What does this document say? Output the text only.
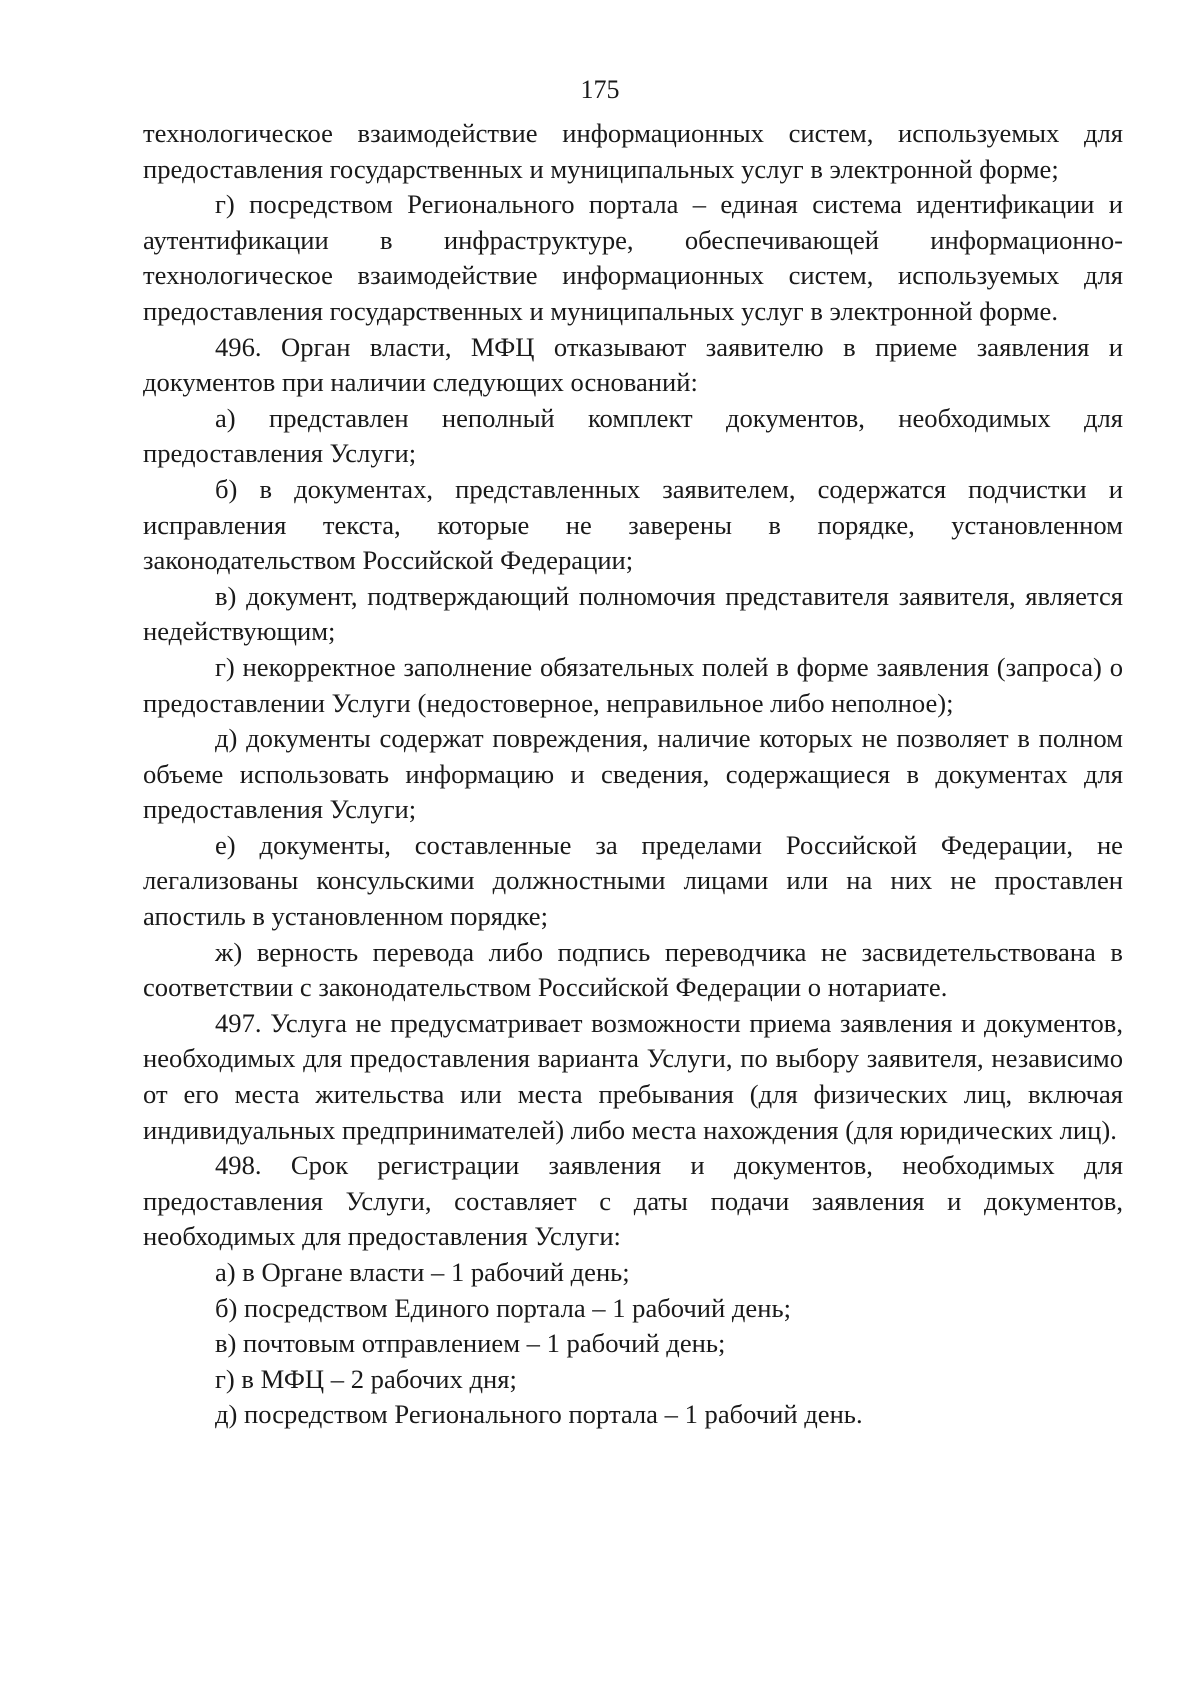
175

технологическое взаимодействие информационных систем, используемых для предоставления государственных и муниципальных услуг в электронной форме;

г) посредством Регионального портала – единая система идентификации и аутентификации в инфраструктуре, обеспечивающей информационно-технологическое взаимодействие информационных систем, используемых для предоставления государственных и муниципальных услуг в электронной форме.

496. Орган власти, МФЦ отказывают заявителю в приеме заявления и документов при наличии следующих оснований:

а) представлен неполный комплект документов, необходимых для предоставления Услуги;

б) в документах, представленных заявителем, содержатся подчистки и исправления текста, которые не заверены в порядке, установленном законодательством Российской Федерации;

в) документ, подтверждающий полномочия представителя заявителя, является недействующим;

г) некорректное заполнение обязательных полей в форме заявления (запроса) о предоставлении Услуги (недостоверное, неправильное либо неполное);

д) документы содержат повреждения, наличие которых не позволяет в полном объеме использовать информацию и сведения, содержащиеся в документах для предоставления Услуги;

е) документы, составленные за пределами Российской Федерации, не легализованы консульскими должностными лицами или на них не проставлен апостиль в установленном порядке;

ж) верность перевода либо подпись переводчика не засвидетельствована в соответствии с законодательством Российской Федерации о нотариате.

497. Услуга не предусматривает возможности приема заявления и документов, необходимых для предоставления варианта Услуги, по выбору заявителя, независимо от его места жительства или места пребывания (для физических лиц, включая индивидуальных предпринимателей) либо места нахождения (для юридических лиц).

498. Срок регистрации заявления и документов, необходимых для предоставления Услуги, составляет с даты подачи заявления и документов, необходимых для предоставления Услуги:

а) в Органе власти – 1 рабочий день;

б) посредством Единого портала – 1 рабочий день;

в) почтовым отправлением – 1 рабочий день;

г) в МФЦ – 2 рабочих дня;

д) посредством Регионального портала – 1 рабочий день.
